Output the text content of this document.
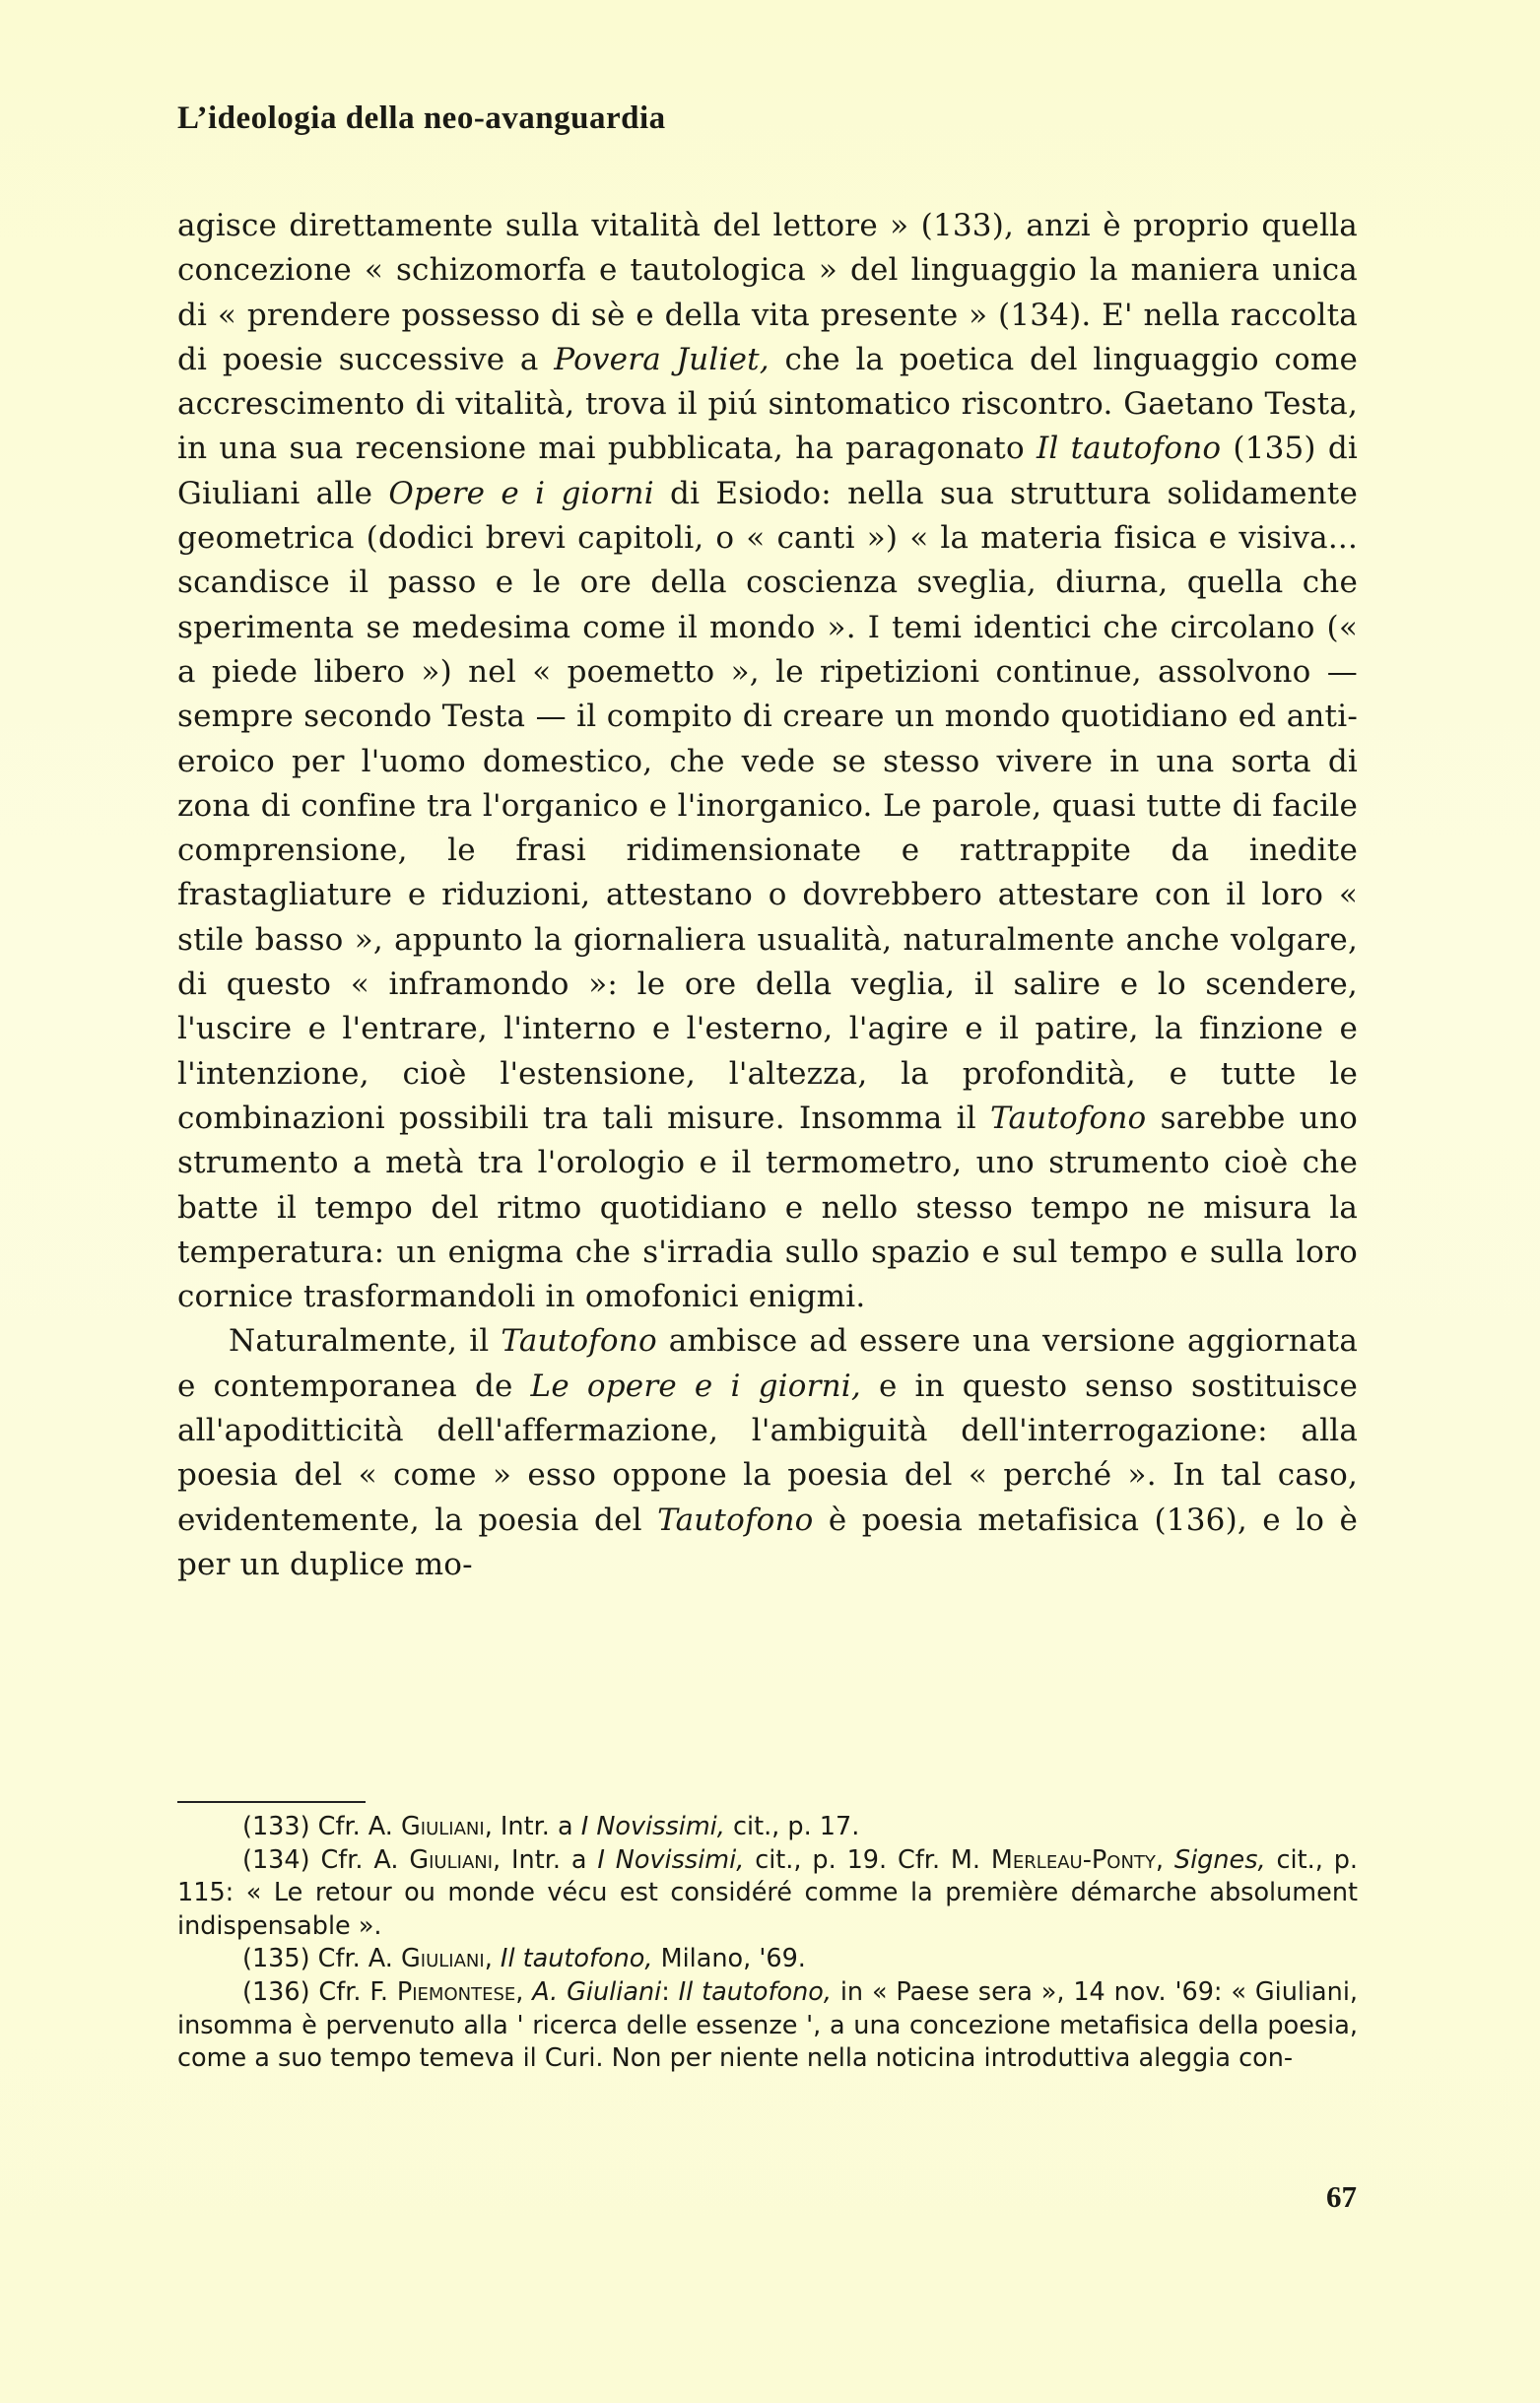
L’ideologia della neo-avanguardia

agisce direttamente sulla vitalità del lettore » (133), anzi è proprio quella concezione « schizomorfa e tautologica » del linguaggio la maniera unica di « prendere possesso di sè e della vita presente » (134). E' nella raccolta di poesie successive a Povera Juliet, che la poetica del linguaggio come accrescimento di vitalità, trova il piú sintomatico riscontro. Gaetano Testa, in una sua recensione mai pubblicata, ha paragonato Il tautofono (135) di Giuliani alle Opere e i giorni di Esiodo: nella sua struttura solidamente geometrica (dodici brevi capitoli, o « canti ») « la materia fisica e visiva... scandisce il passo e le ore della coscienza sveglia, diurna, quella che sperimenta se medesima come il mondo ». I temi identici che circolano (« a piede libero ») nel « poemetto », le ripetizioni continue, assolvono — sempre secondo Testa — il compito di creare un mondo quotidiano ed anti-eroico per l'uomo domestico, che vede se stesso vivere in una sorta di zona di confine tra l'organico e l'inorganico. Le parole, quasi tutte di facile comprensione, le frasi ridimensionate e rattrappite da inedite frastagliature e riduzioni, attestano o dovrebbero attestare con il loro « stile basso », appunto la giornaliera usualità, naturalmente anche volgare, di questo « inframondo »: le ore della veglia, il salire e lo scendere, l'uscire e l'entrare, l'interno e l'esterno, l'agire e il patire, la finzione e l'intenzione, cioè l'estensione, l'altezza, la profondità, e tutte le combinazioni possibili tra tali misure. Insomma il Tautofono sarebbe uno strumento a metà tra l'orologio e il termometro, uno strumento cioè che batte il tempo del ritmo quotidiano e nello stesso tempo ne misura la temperatura: un enigma che s'irradia sullo spazio e sul tempo e sulla loro cornice trasformandoli in omofonici enigmi.

Naturalmente, il Tautofono ambisce ad essere una versione aggiornata e contemporanea de Le opere e i giorni, e in questo senso sostituisce all'apoditticità dell'affermazione, l'ambiguità dell'interrogazione: alla poesia del « come » esso oppone la poesia del « perché ». In tal caso, evidentemente, la poesia del Tautofono è poesia metafisica (136), e lo è per un duplice mo-

(133) Cfr. A. Giuliani, Intr. a I Novissimi, cit., p. 17.

(134) Cfr. A. Giuliani, Intr. a I Novissimi, cit., p. 19. Cfr. M. Merleau-Ponty, Signes, cit., p. 115: « Le retour ou monde vécu est considéré comme la première démarche absolument indispensable ».

(135) Cfr. A. Giuliani, Il tautofono, Milano, '69.

(136) Cfr. F. Piemontese, A. Giuliani: Il tautofono, in « Paese sera », 14 nov. '69: « Giuliani, insomma è pervenuto alla ' ricerca delle essenze ', a una concezione metafisica della poesia, come a suo tempo temeva il Curi. Non per niente nella noticina introduttiva aleggia con-

67
